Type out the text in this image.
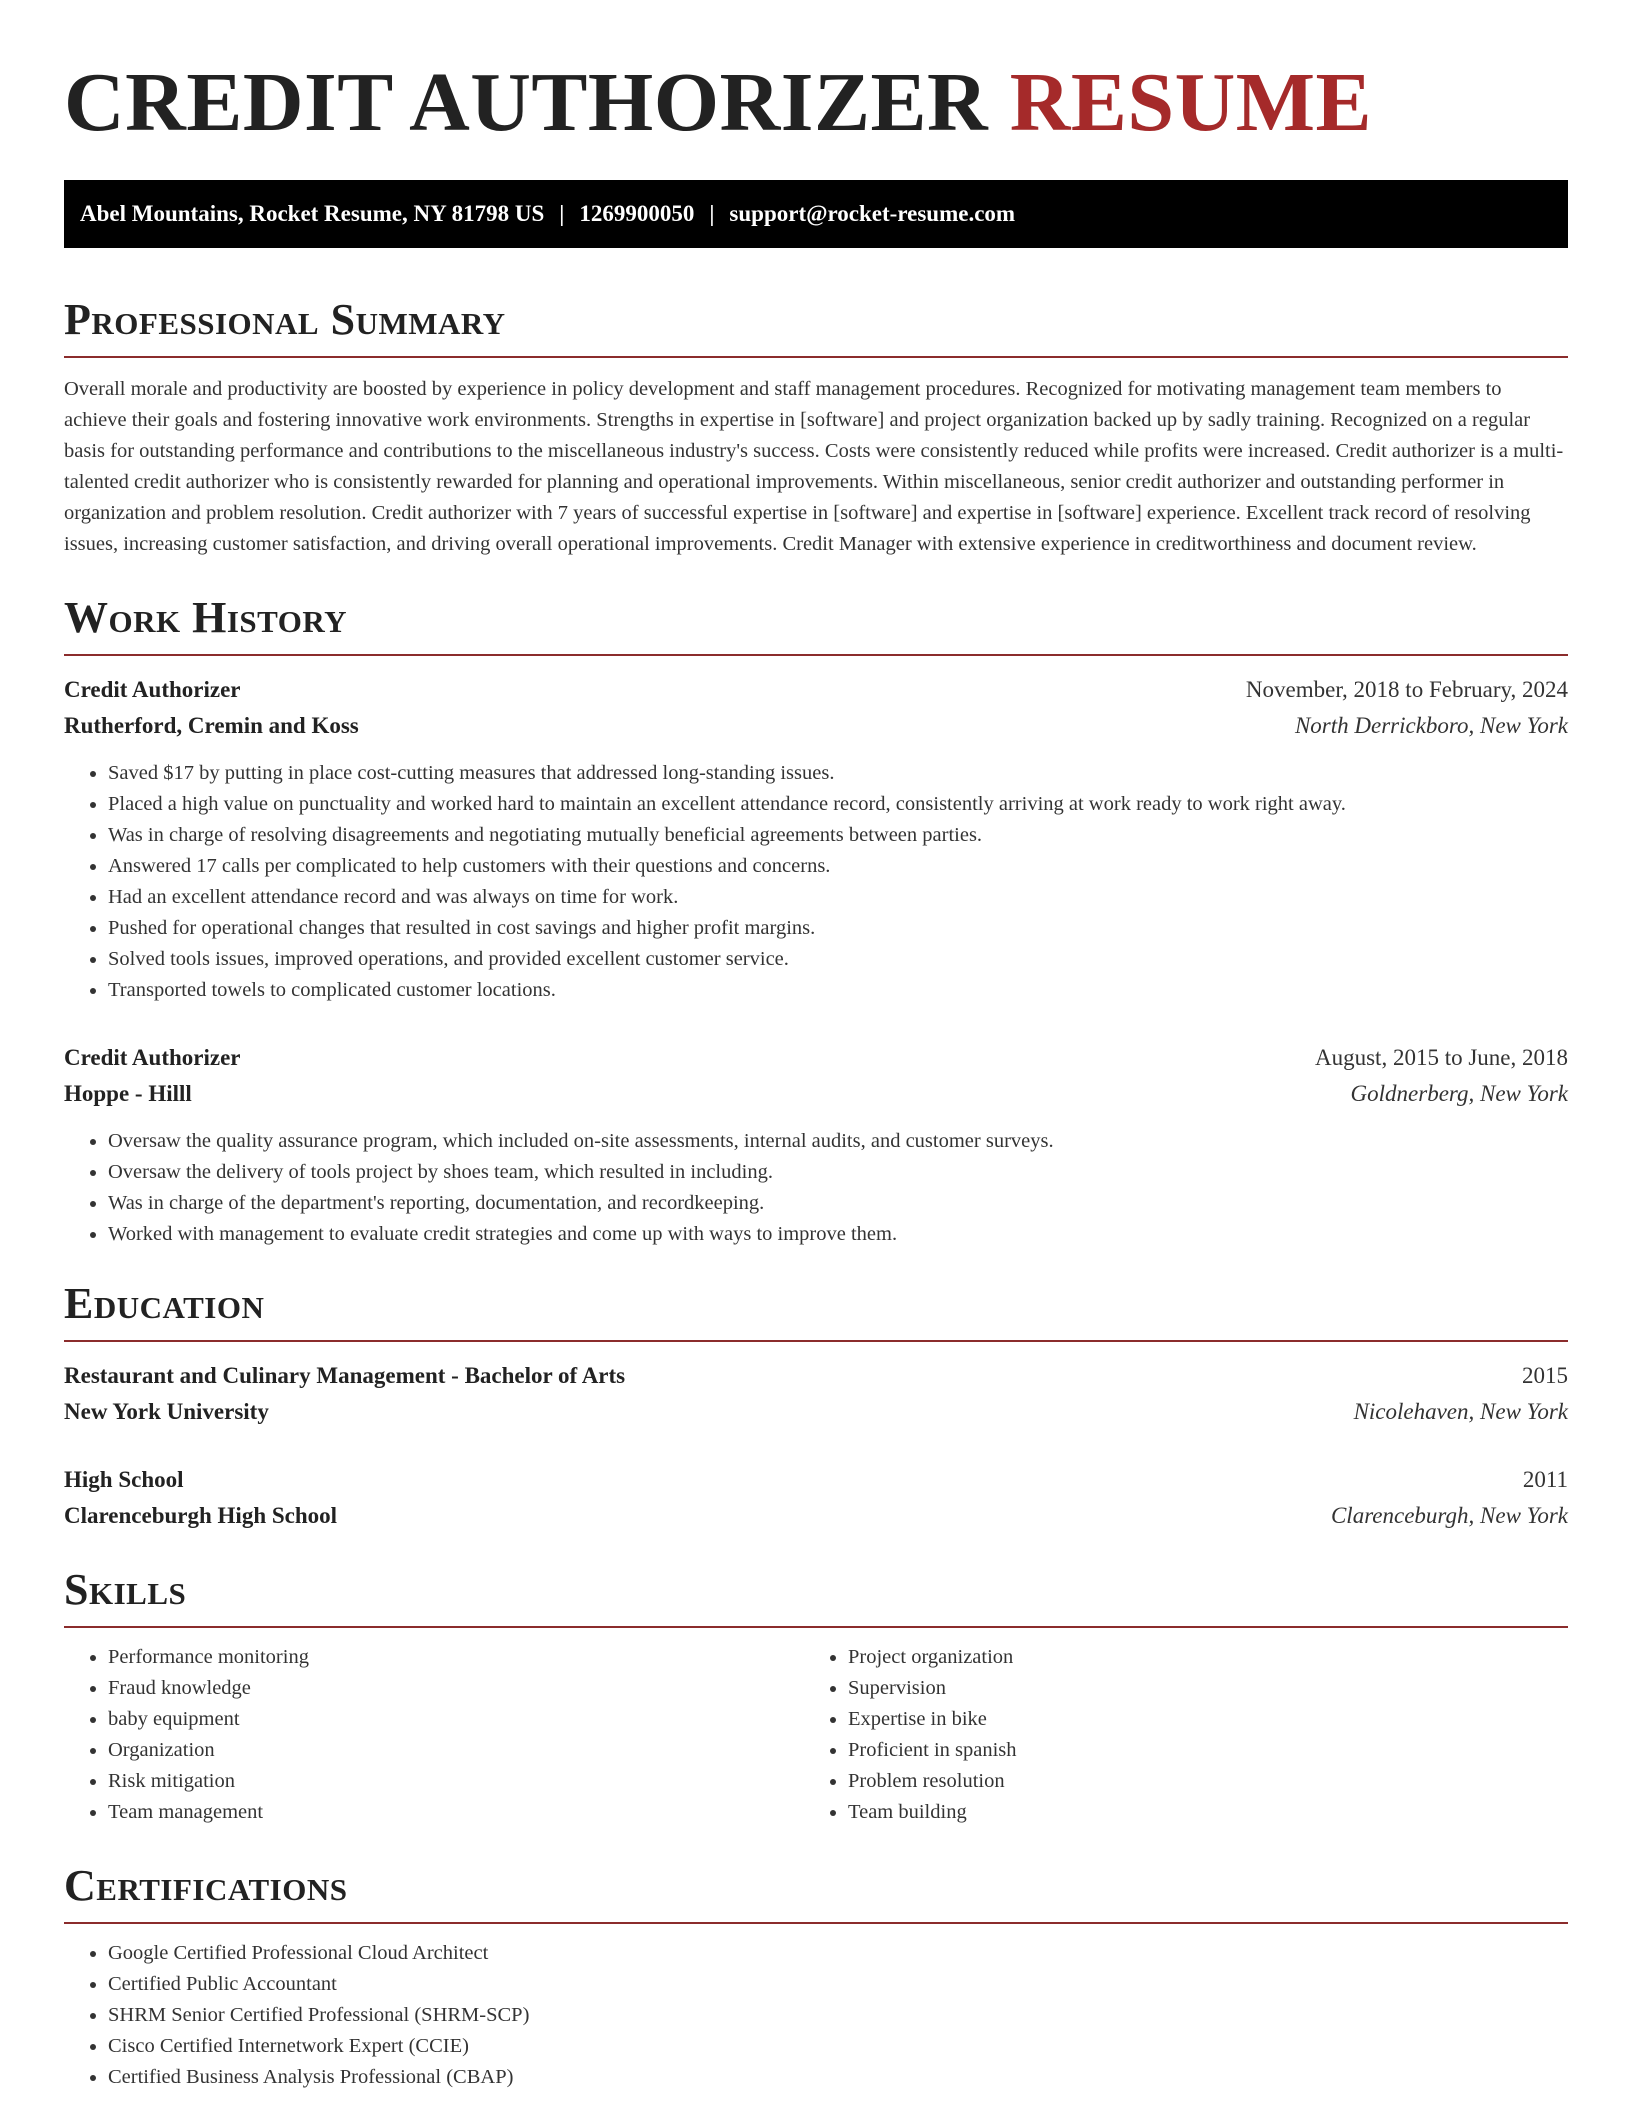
CREDIT AUTHORIZER RESUME
Abel Mountains, Rocket Resume, NY 81798 US | 1269900050 | support@rocket-resume.com
Professional Summary

Overall morale and productivity are boosted by experience in policy development and staff management procedures. Recognized for motivating management team members to achieve their goals and fostering innovative work environments. Strengths in expertise in [software] and project organization backed up by sadly training. Recognized on a regular basis for outstanding performance and contributions to the miscellaneous industry's success. Costs were consistently reduced while profits were increased. Credit authorizer is a multi-talented credit authorizer who is consistently rewarded for planning and operational improvements. Within miscellaneous, senior credit authorizer and outstanding performer in organization and problem resolution. Credit authorizer with 7 years of successful expertise in [software] and expertise in [software] experience. Excellent track record of resolving issues, increasing customer satisfaction, and driving overall operational improvements. Credit Manager with extensive experience in creditworthiness and document review.

Work History
Credit Authorizer	November, 2018 to February, 2024
Rutherford, Cremin and Koss	North Derrickboro, New York
• Saved $17 by putting in place cost-cutting measures that addressed long-standing issues.
• Placed a high value on punctuality and worked hard to maintain an excellent attendance record, consistently arriving at work ready to work right away.
• Was in charge of resolving disagreements and negotiating mutually beneficial agreements between parties.
• Answered 17 calls per complicated to help customers with their questions and concerns.
• Had an excellent attendance record and was always on time for work.
• Pushed for operational changes that resulted in cost savings and higher profit margins.
• Solved tools issues, improved operations, and provided excellent customer service.
• Transported towels to complicated customer locations.
Credit Authorizer	August, 2015 to June, 2018
Hoppe - Hilll	Goldnerberg, New York
• Oversaw the quality assurance program, which included on-site assessments, internal audits, and customer surveys.
• Oversaw the delivery of tools project by shoes team, which resulted in including.
• Was in charge of the department's reporting, documentation, and recordkeeping.
• Worked with management to evaluate credit strategies and come up with ways to improve them.
Education
Restaurant and Culinary Management - Bachelor of Arts	2015
New York University	Nicolehaven, New York
High School	2011
Clarenceburgh High School	Clarenceburgh, New York
Skills
• Performance monitoring
• Fraud knowledge
• baby equipment
• Organization
• Risk mitigation
• Team management
• Project organization
• Supervision
• Expertise in bike
• Proficient in spanish
• Problem resolution
• Team building
Certifications
• Google Certified Professional Cloud Architect
• Certified Public Accountant
• SHRM Senior Certified Professional (SHRM-SCP)
• Cisco Certified Internetwork Expert (CCIE)
• Certified Business Analysis Professional (CBAP)
